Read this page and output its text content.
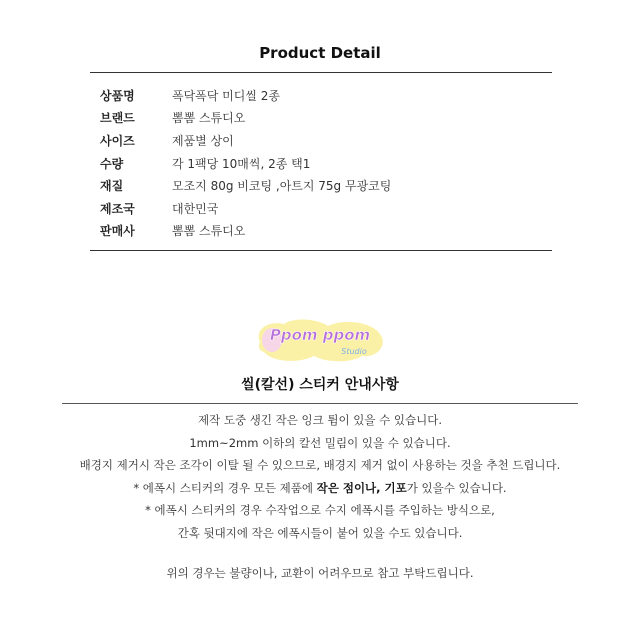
Product Detail
상품명	폭닥폭닥 미디씰 2종
브랜드	뽐뽐 스튜디오
사이즈	제품별 상이
수량	각 1팩당 10매씩, 2종 택1
재질	모조지 80g 비코팅 ,아트지 75g 무광코팅
제조국	대한민국
판매사	뽐뽐 스튜디오
Ppom ppom
Studio
씰(칼선) 스티커 안내사항
제작 도중 생긴 작은 잉크 튐이 있을 수 있습니다.
1mm~2mm 이하의 칼선 밀림이 있을 수 있습니다.
배경지 제거시 작은 조각이 이탈 될 수 있으므로, 배경지 제거 없이 사용하는 것을 추천 드립니다.
* 에폭시 스티커의 경우 모든 제품에 작은 점이나, 기포가 있을수 있습니다.
* 에폭시 스티커의 경우 수작업으로 수지 에폭시를 주입하는 방식으로,
간혹 뒷대지에 작은 에폭시들이 붙어 있을 수도 있습니다.
위의 경우는 불량이나, 교환이 어려우므로 참고 부탁드립니다.
